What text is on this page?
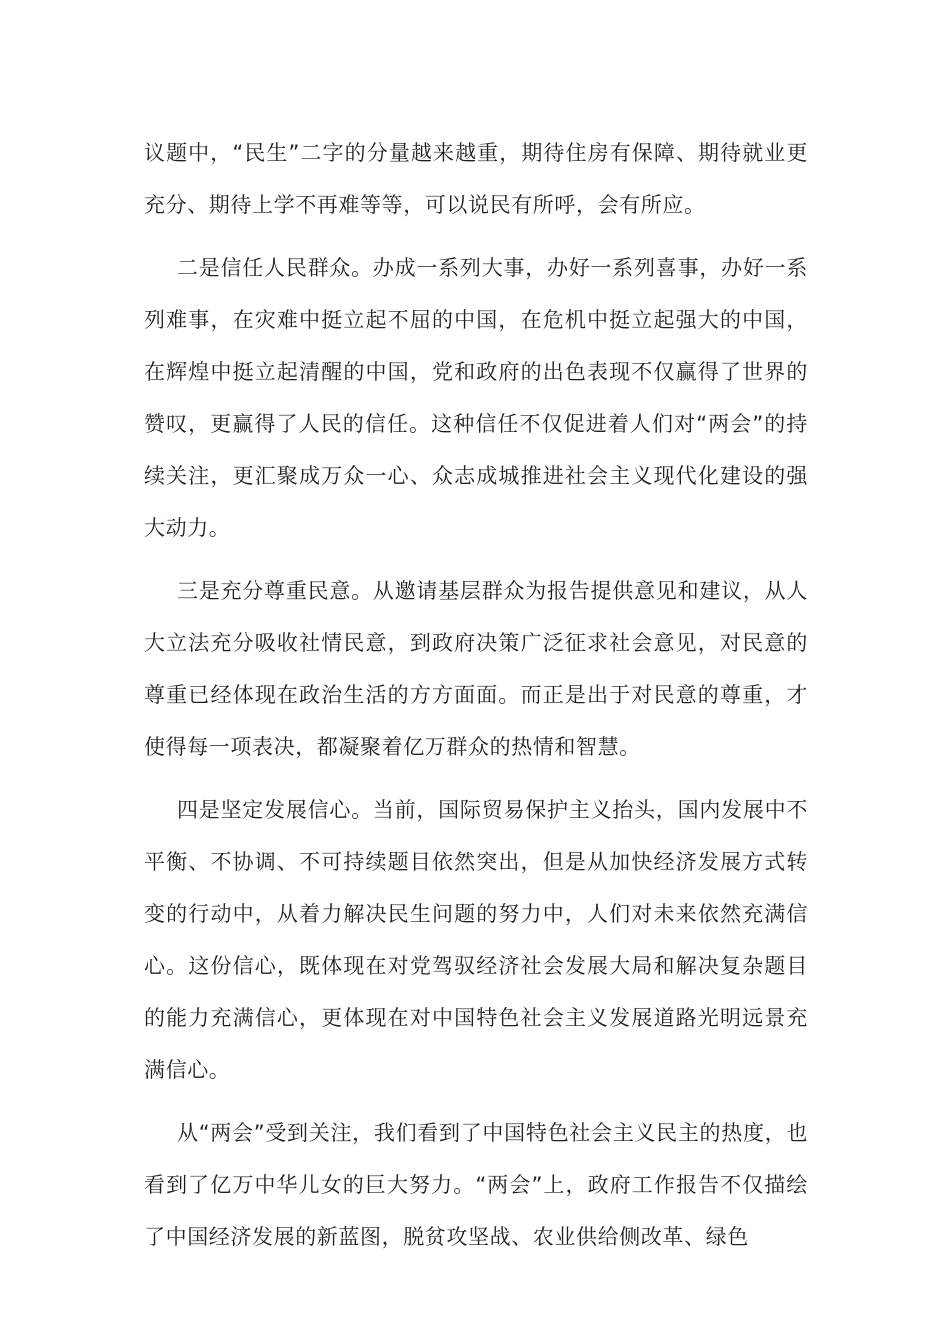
议题中，“民生”二字的分量越来越重，期待住房有保障、期待就业更充分、期待上学不再难等等，可以说民有所呼，会有所应。

二是信任人民群众。办成一系列大事，办好一系列喜事，办好一系列难事，在灾难中挺立起不屈的中国，在危机中挺立起强大的中国，在辉煌中挺立起清醒的中国，党和政府的出色表现不仅赢得了世界的赞叹，更赢得了人民的信任。这种信任不仅促进着人们对“两会”的持续关注，更汇聚成万众一心、众志成城推进社会主义现代化建设的强大动力。

三是充分尊重民意。从邀请基层群众为报告提供意见和建议，从人大立法充分吸收社情民意，到政府决策广泛征求社会意见，对民意的尊重已经体现在政治生活的方方面面。而正是出于对民意的尊重，才使得每一项表决，都凝聚着亿万群众的热情和智慧。

四是坚定发展信心。当前，国际贸易保护主义抬头，国内发展中不平衡、不协调、不可持续题目依然突出，但是从加快经济发展方式转变的行动中，从着力解决民生问题的努力中，人们对未来依然充满信心。这份信心，既体现在对党驾驭经济社会发展大局和解决复杂题目的能力充满信心，更体现在对中国特色社会主义发展道路光明远景充满信心。

从“两会”受到关注，我们看到了中国特色社会主义民主的热度，也看到了亿万中华儿女的巨大努力。“两会”上，政府工作报告不仅描绘了中国经济发展的新蓝图，脱贫攻坚战、农业供给侧改革、绿色
